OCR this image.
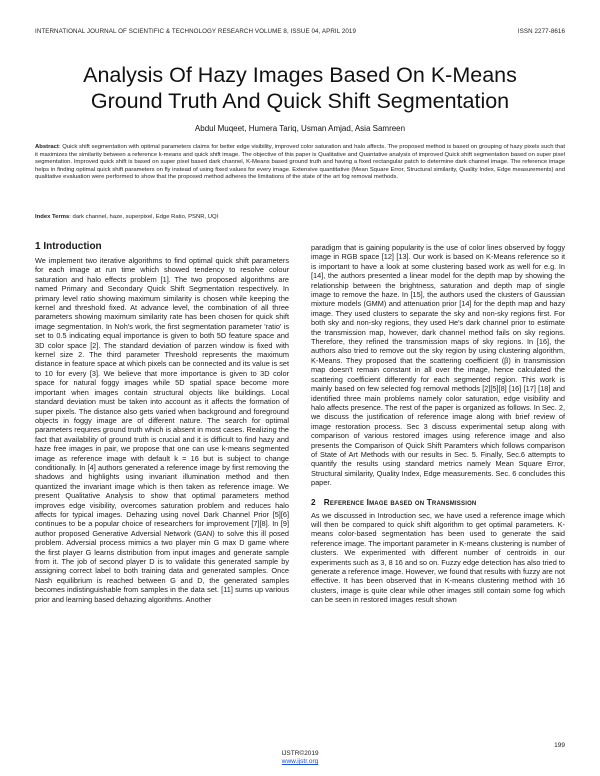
INTERNATIONAL JOURNAL OF SCIENTIFIC & TECHNOLOGY RESEARCH VOLUME 8, ISSUE 04, APRIL 2019	ISSN 2277-8616
Analysis Of Hazy Images Based On K-Means
Ground Truth And Quick Shift Segmentation
Abdul Muqeet, Humera Tariq, Usman Amjad, Asia Samreen
Abstract: Quick shift segmentation with optimal parameters claims for better edge visibility, improved color saturation and halo affects. The proposed method is based on grouping of hazy pixels such that it maximizes the similarity between a reference k-means and quick shift image. The objective of this paper is Qualitative and Quantative analysis of improved Quick shift segmentation based on super pixel segmentation. Improved quick shift is based on super pixel based dark channel, K-Means based ground truth and having a fixed rectangular patch to determine dark channel image. The reference image helps in finding optimal quick shift parameters on fly instead of using fixed values for every image. Extensive quantitative (Mean Square Error, Structural similarity, Quality Index, Edge measurements) and qualitative evaluation were performed to show that the proposed method adheres the limitations of the state of the art fog removal methods.
Index Terms: dark channel, haze, superpixel, Edge Ratio, PSNR, UQI
1 Introduction

We implement two iterative algorithms to find optimal quick shift parameters for each image at run time which showed tendency to resolve colour saturation and halo effects problem [1]. The two proposed algorithms are named Primary and Secondary Quick Shift Segmentation respectively. In primary level ratio showing maximum similarity is chosen while keeping the kernel and threshold fixed. At advance level, the combination of all three parameters showing maximum similarity rate has been chosen for quick shift image segmentation. In Noh's work, the first segmentation parameter 'ratio' is set to 0.5 indicating equal importance is given to both 5D feature space and 3D color space [2]. The standard deviation of parzen window is fixed with kernel size 2. The third parameter Threshold represents the maximum distance in feature space at which pixels can be connected and its value is set to 10 for every [3]. We believe that more importance is given to 3D color space for natural foggy images while 5D spatial space become more important when images contain structural objects like buildings. Local standard deviation must be taken into account as it affects the formation of super pixels. The distance also gets varied when background and foreground objects in foggy image are of different nature. The search for optimal parameters requires ground truth which is absent in most cases. Realizing the fact that availability of ground truth is crucial and it is difficult to find hazy and haze free images in pair, we propose that one can use k-means segmented image as reference image with default k = 16 but is subject to change conditionally. In [4] authors generated a reference image by first removing the shadows and highlights using invariant illumination method and then quantized the invariant image which is then taken as reference image. We present Qualitative Analysis to show that optimal parameters method improves edge visibility, overcomes saturation problem and reduces halo affects for typical images. Dehazing using novel Dark Channel Prior [5][6] continues to be a popular choice of researchers for improvement [7][8]. In [9] author proposed Generative Adversial Network (GAN) to solve this ill posed problem. Adversial process mimics a two player min G max D game where the first player G learns distribution from input images and generate sample from it. The job of second player D is to validate this generated sample by assigning correct label to both training data and generated samples. Once Nash equilibrium is reached between G and D, the generated samples becomes indistinguishable from samples in the data set. [11] sums up various prior and learning based dehazing algorithms. Another

paradigm that is gaining popularity is the use of color lines observed by foggy image in RGB space [12] [13]. Our work is based on K-Means reference so it is important to have a look at some clustering based work as well for e.g. In [14], the authors presented a linear model for the depth map by showing the relationship between the brightness, saturation and depth map of single image to remove the haze. In [15], the authors used the clusters of Gaussian mixture models (GMM) and attenuation prior [14] for the depth map and hazy image. They used clusters to separate the sky and non-sky regions first. For both sky and non-sky regions, they used He's dark channel prior to estimate the transmission map, however, dark channel method fails on sky regions. Therefore, they refined the transmission maps of sky regions. In [16], the authors also tried to remove out the sky region by using clustering algorithm, K-Means. They proposed that the scattering coefficient (β) in transmission map doesn't remain constant in all over the image, hence calculated the scattering coefficient differently for each segmented region. This work is mainly based on few selected fog removal methods [2][5][8] [16] [17] [18] and identified three main problems namely color saturation, edge visibility and halo affects presence. The rest of the paper is organized as follows. In Sec. 2, we discuss the justification of reference image along with brief review of image restoration process. Sec 3 discuss experimental setup along with comparison of various restored images using reference image and also presents the Comparison of Quick Shift Paramters which follows comparison of State of Art Methods with our results in Sec. 5. Finally, Sec.6 attempts to quantify the results using standard metrics namely Mean Square Error, Structural similarity, Quality Index, Edge measurements. Sec. 6 concludes this paper.

2 Reference Image based on Transmission

As we discussed in Introduction sec, we have used a reference image which will then be compared to quick shift algorithm to get optimal parameters. K-means color-based segmentation has been used to generate the said reference image. The important parameter in K-means clustering is number of clusters. We experimented with different number of centroids in our experiments such as 3, 8 16 and so on. Fuzzy edge detection has also tried to generate a reference image. However, we found that results with fuzzy are not effective. It has been observed that in K-means clustering method with 16 clusters, image is quite clear while other images still contain some fog which can be seen in restored images result shown

199
IJSTR©2019
www.ijstr.org
